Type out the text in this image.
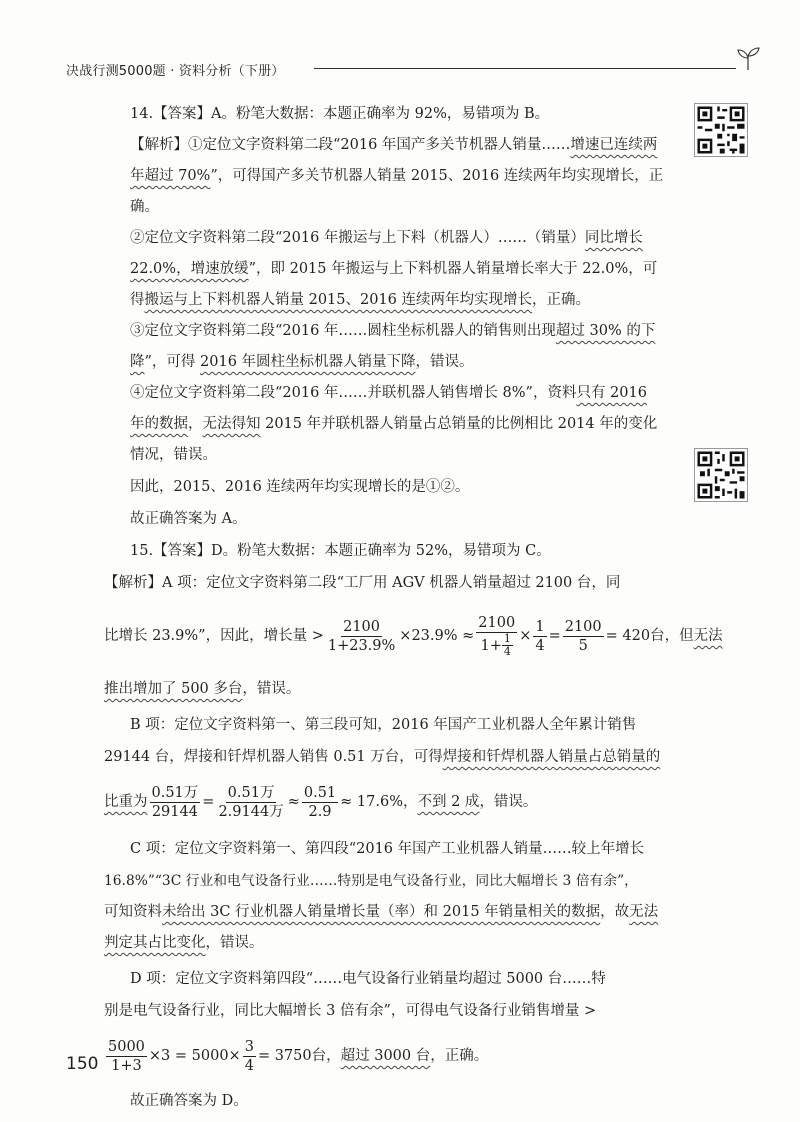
决战行测5000题 · 资料分析（下册）
14.【答案】A。粉笔大数据：本题正确率为 92%，易错项为 B。
【解析】①定位文字资料第二段“2016 年国产多关节机器人销量……增速已连续两年超过 70%”，可得国产多关节机器人销量 2015、2016 连续两年均实现增长，正确。
②定位文字资料第二段“2016 年搬运与上下料（机器人）……（销量）同比增长 22.0%，增速放缓”，即 2015 年搬运与上下料机器人销量增长率大于 22.0%，可得搬运与上下料机器人销量 2015、2016 连续两年均实现增长，正确。
③定位文字资料第二段“2016 年……圆柱坐标机器人的销售则出现超过 30% 的下降”，可得 2016 年圆柱坐标机器人销量下降，错误。
④定位文字资料第二段“2016 年……并联机器人销售增长 8%”，资料只有 2016 年的数据，无法得知 2015 年并联机器人销量占总销量的比例相比 2014 年的变化情况，错误。
因此，2015、2016 连续两年均实现增长的是①②。
故正确答案为 A。
15.【答案】D。粉笔大数据：本题正确率为 52%，易错项为 C。
【解析】A 项：定位文字资料第二段“工厂用 AGV 机器人销量超过 2100 台，同
比增长 23.9%”，因此，增长量 > $\frac{2100}{1+23.9\%} \times 23.9\% \approx \frac{2100}{1+ \frac{1}{4}} \times \frac{1}{4} = \frac{2100}{5} = 420$台，但 无法
推出增加了 500 多台，错误。
B 项：定位文字资料第一、第三段可知，2016 年国产工业机器人全年累计销售
29144 台，焊接和钎焊机器人销售 0.51 万台，可得焊接和钎焊机器人销量占总销量的
比重为 $\frac{\text{0.51万}}{29144} = \frac{\text{0.51万}}{\text{2.9144万}} \approx \frac{0.51}{2.9} \approx 17.6\%$， 不到 2 成 ，错误。
C 项：定位文字资料第一、第四段“2016 年国产工业机器人销量……较上年增长
16.8%”“3C 行业和电气设备行业……特别是电气设备行业，同比大幅增长 3 倍有余”，
可知资料未给出 3C 行业机器人销量增长量（率）和 2015 年销量相关的数据，故无法判定其占比变化，错误。
D 项：定位文字资料第四段“……电气设备行业销量均超过 5000 台……特
别是电气设备行业，同比大幅增长 3 倍有余”，可得电气设备行业销售增量 >
$\frac{5000}{1+3} \times 3 = 5000\times \frac{3}{4} = 3750$台， 超过 3000 台 ，正确。
故正确答案为 D。
150
